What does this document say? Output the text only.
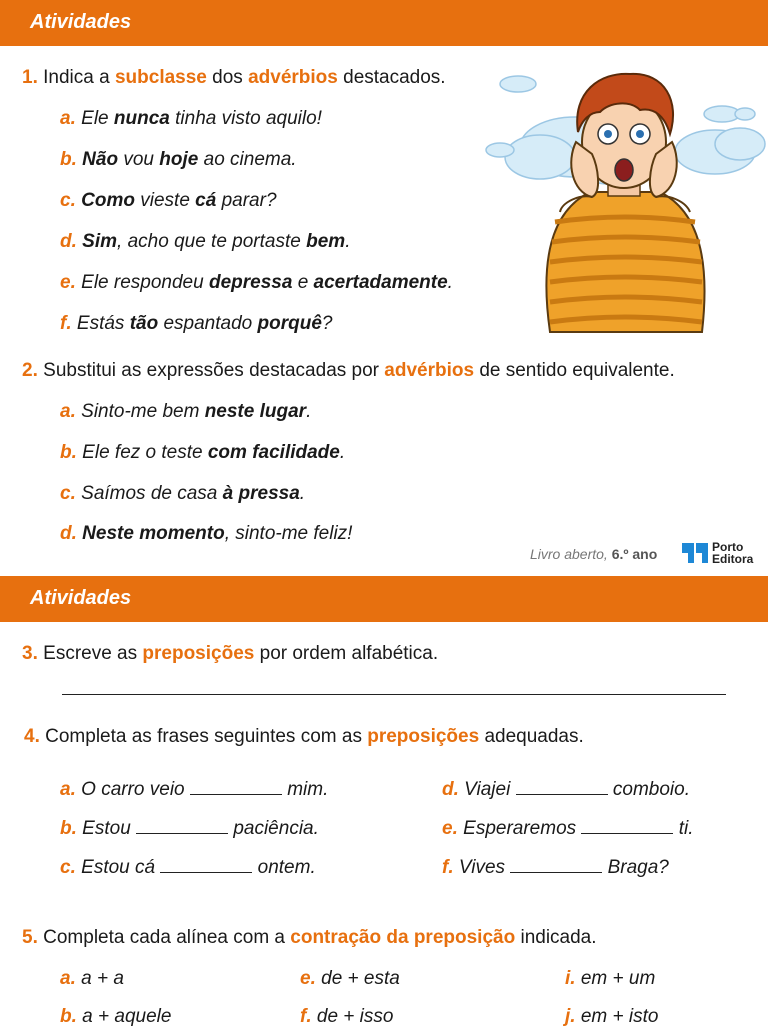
Atividades
1. Indica a subclasse dos advérbios destacados.
a. Ele nunca tinha visto aquilo!
b. Não vou hoje ao cinema.
c. Como vieste cá parar?
d. Sim, acho que te portaste bem.
e. Ele respondeu depressa e acertadamente.
f. Estás tão espantado porquê?
2. Substitui as expressões destacadas por advérbios de sentido equivalente.
a. Sinto-me bem neste lugar.
b. Ele fez o teste com facilidade.
c. Saímos de casa à pressa.
d. Neste momento, sinto-me feliz!
Livro aberto, 6.º ano	Porto
Editora
Atividades
3. Escreve as preposições por ordem alfabética.
4. Completa as frases seguintes com as preposições adequadas.
a. O carro veio	mim.
b. Estou	paciência.
c. Estou cá	ontem.
d. Viajei	comboio.
e. Esperaremos	ti.
f. Vives	Braga?
5. Completa cada alínea com a contração da preposição indicada.
a. a + a
b. a + aquele
e. de + esta
f. de + isso
i. em + um
j. em + isto
